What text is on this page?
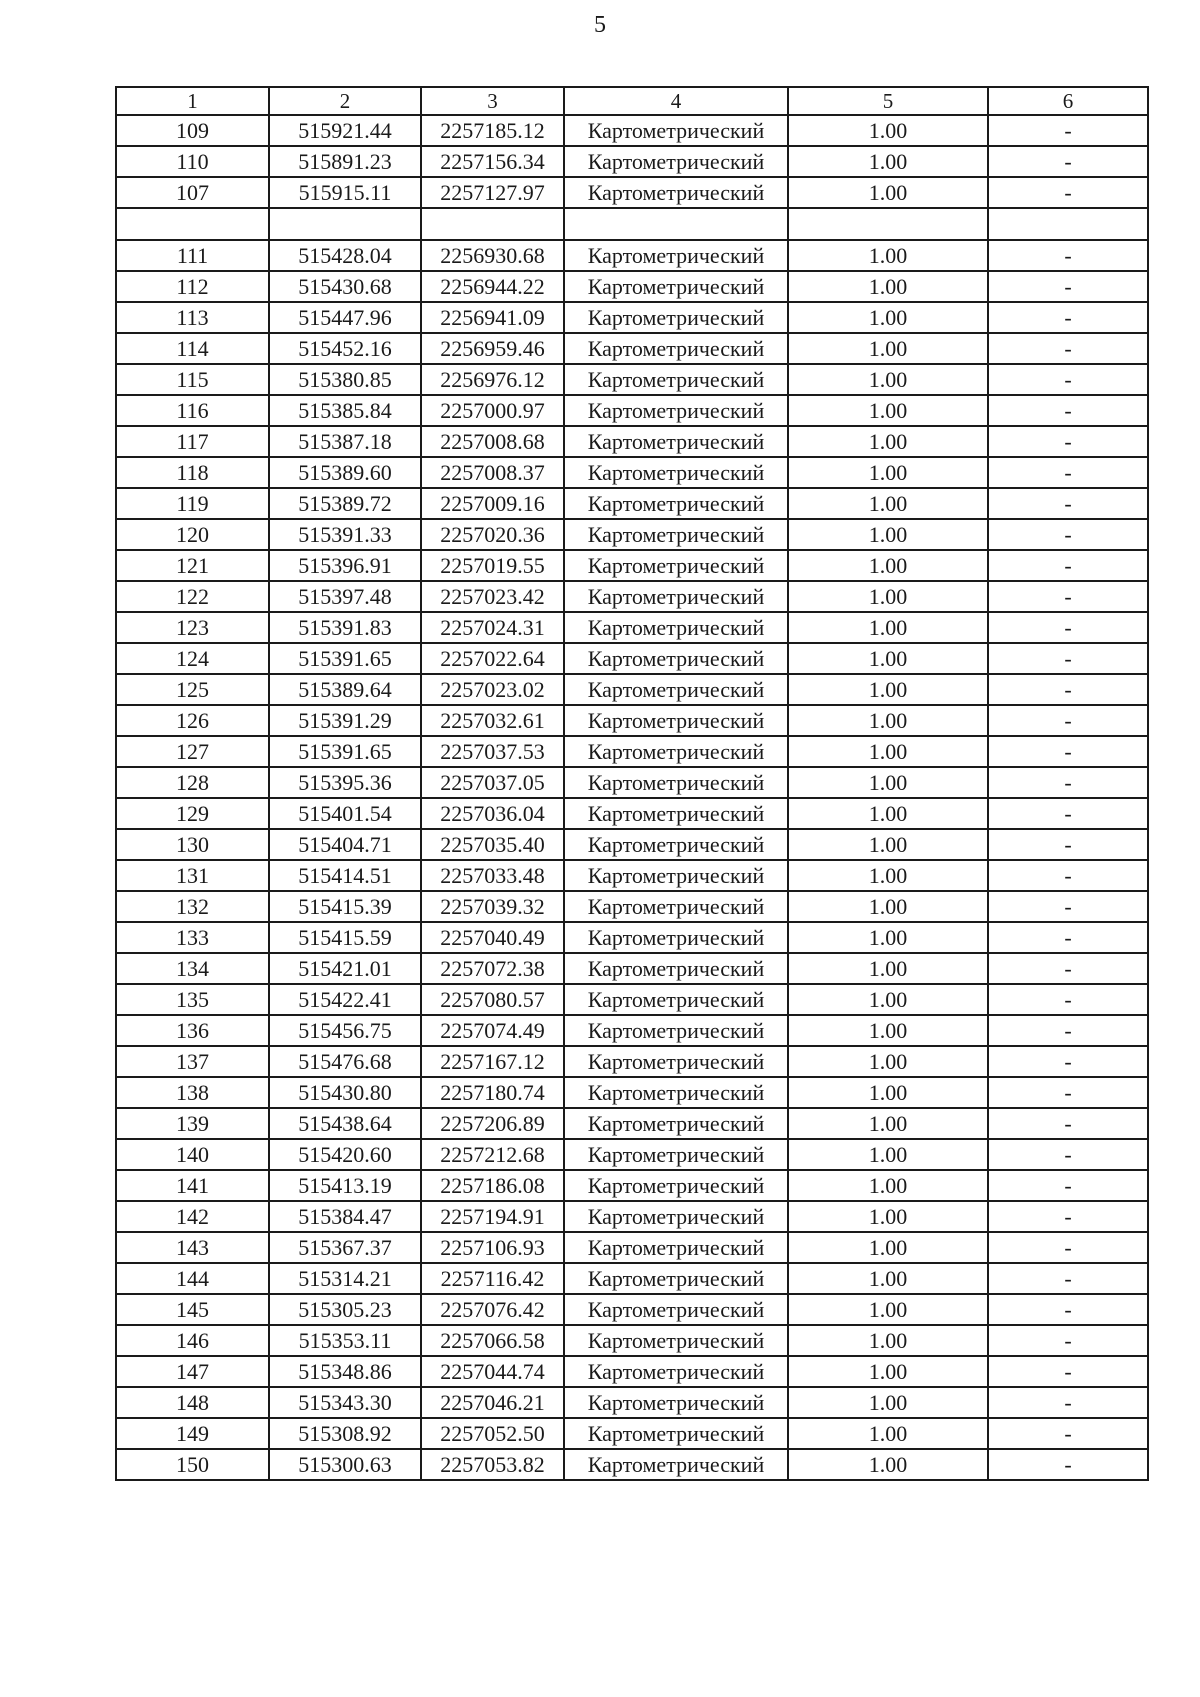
5
1	2	3	4	5	6
109	515921.44	2257185.12	Картометрический	1.00	-
110	515891.23	2257156.34	Картометрический	1.00	-
107	515915.11	2257127.97	Картометрический	1.00	-

111	515428.04	2256930.68	Картометрический	1.00	-
112	515430.68	2256944.22	Картометрический	1.00	-
113	515447.96	2256941.09	Картометрический	1.00	-
114	515452.16	2256959.46	Картометрический	1.00	-
115	515380.85	2256976.12	Картометрический	1.00	-
116	515385.84	2257000.97	Картометрический	1.00	-
117	515387.18	2257008.68	Картометрический	1.00	-
118	515389.60	2257008.37	Картометрический	1.00	-
119	515389.72	2257009.16	Картометрический	1.00	-
120	515391.33	2257020.36	Картометрический	1.00	-
121	515396.91	2257019.55	Картометрический	1.00	-
122	515397.48	2257023.42	Картометрический	1.00	-
123	515391.83	2257024.31	Картометрический	1.00	-
124	515391.65	2257022.64	Картометрический	1.00	-
125	515389.64	2257023.02	Картометрический	1.00	-
126	515391.29	2257032.61	Картометрический	1.00	-
127	515391.65	2257037.53	Картометрический	1.00	-
128	515395.36	2257037.05	Картометрический	1.00	-
129	515401.54	2257036.04	Картометрический	1.00	-
130	515404.71	2257035.40	Картометрический	1.00	-
131	515414.51	2257033.48	Картометрический	1.00	-
132	515415.39	2257039.32	Картометрический	1.00	-
133	515415.59	2257040.49	Картометрический	1.00	-
134	515421.01	2257072.38	Картометрический	1.00	-
135	515422.41	2257080.57	Картометрический	1.00	-
136	515456.75	2257074.49	Картометрический	1.00	-
137	515476.68	2257167.12	Картометрический	1.00	-
138	515430.80	2257180.74	Картометрический	1.00	-
139	515438.64	2257206.89	Картометрический	1.00	-
140	515420.60	2257212.68	Картометрический	1.00	-
141	515413.19	2257186.08	Картометрический	1.00	-
142	515384.47	2257194.91	Картометрический	1.00	-
143	515367.37	2257106.93	Картометрический	1.00	-
144	515314.21	2257116.42	Картометрический	1.00	-
145	515305.23	2257076.42	Картометрический	1.00	-
146	515353.11	2257066.58	Картометрический	1.00	-
147	515348.86	2257044.74	Картометрический	1.00	-
148	515343.30	2257046.21	Картометрический	1.00	-
149	515308.92	2257052.50	Картометрический	1.00	-
150	515300.63	2257053.82	Картометрический	1.00	-
